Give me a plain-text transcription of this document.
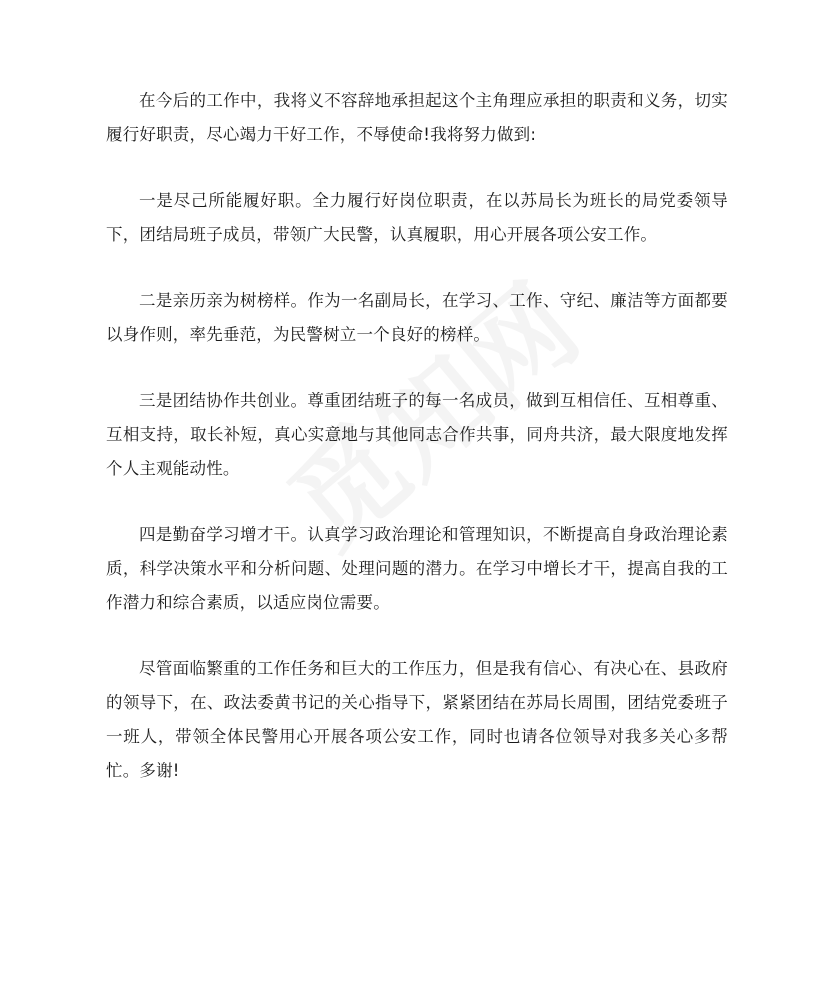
在今后的工作中，我将义不容辞地承担起这个主角理应承担的职责和义务，切实履行好职责，尽心竭力干好工作，不辱使命!我将努力做到:

一是尽己所能履好职。全力履行好岗位职责，在以苏局长为班长的局党委领导下，团结局班子成员，带领广大民警，认真履职，用心开展各项公安工作。

二是亲历亲为树榜样。作为一名副局长，在学习、工作、守纪、廉洁等方面都要以身作则，率先垂范，为民警树立一个良好的榜样。

三是团结协作共创业。尊重团结班子的每一名成员，做到互相信任、互相尊重、互相支持，取长补短，真心实意地与其他同志合作共事，同舟共济，最大限度地发挥个人主观能动性。

四是勤奋学习增才干。认真学习政治理论和管理知识，不断提高自身政治理论素质，科学决策水平和分析问题、处理问题的潜力。在学习中增长才干，提高自我的工作潜力和综合素质，以适应岗位需要。

尽管面临繁重的工作任务和巨大的工作压力，但是我有信心、有决心在、县政府的领导下，在、政法委黄书记的关心指导下，紧紧团结在苏局长周围，团结党委班子一班人，带领全体民警用心开展各项公安工作，同时也请各位领导对我多关心多帮忙。多谢!
